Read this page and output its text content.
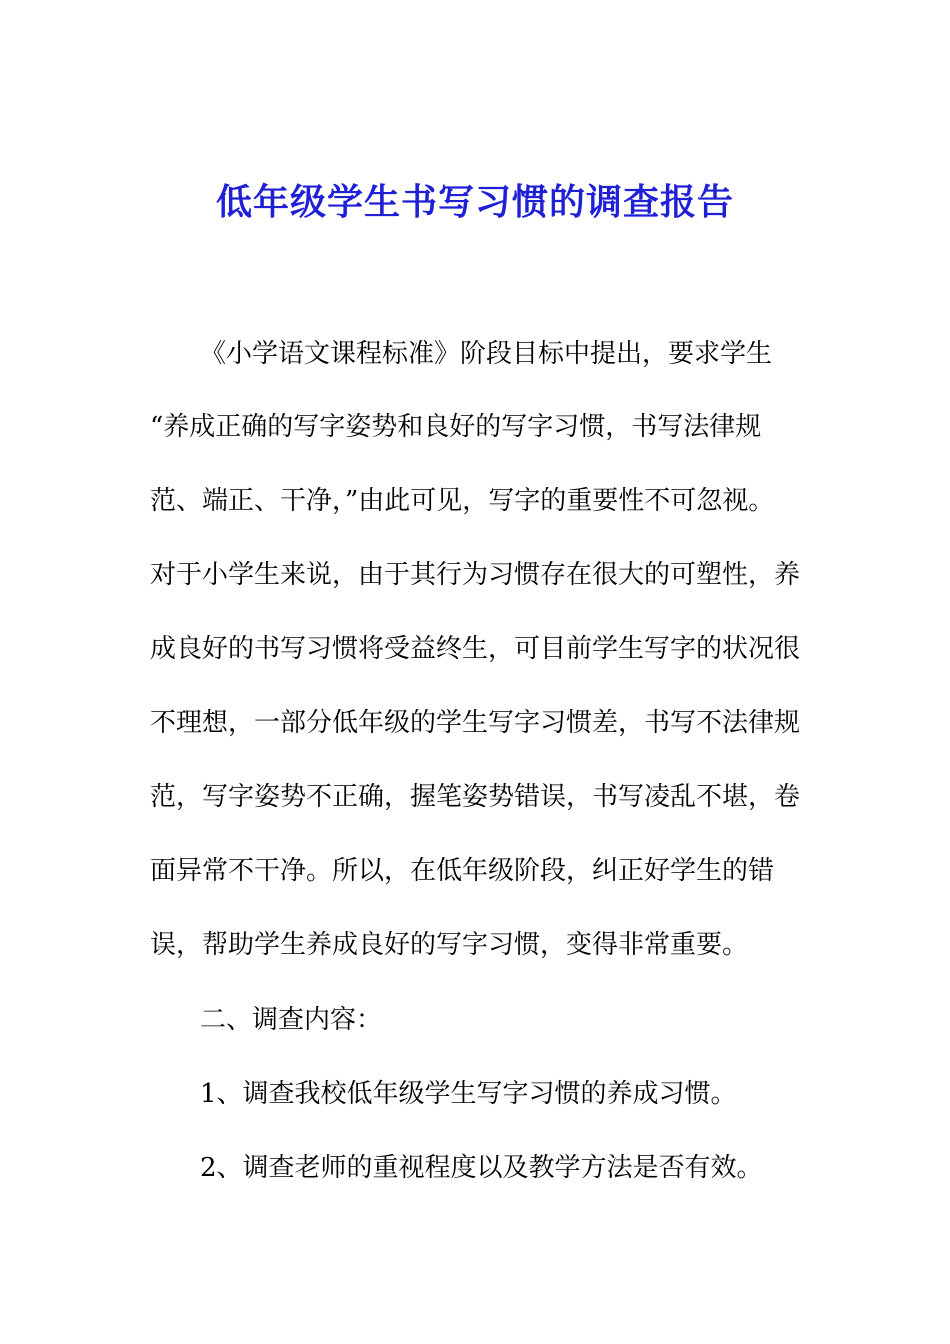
低年级学生书写习惯的调查报告

《小学语文课程标准》阶段目标中提出，要求学生

“养成正确的写字姿势和良好的写字习惯，书写法律规

范、端正、干净，”由此可见，写字的重要性不可忽视。

对于小学生来说，由于其行为习惯存在很大的可塑性，养

成良好的书写习惯将受益终生，可目前学生写字的状况很

不理想，一部分低年级的学生写字习惯差，书写不法律规

范，写字姿势不正确，握笔姿势错误，书写凌乱不堪，卷

面异常不干净。所以，在低年级阶段，纠正好学生的错

误，帮助学生养成良好的写字习惯，变得非常重要。

二、调查内容：

1、调查我校低年级学生写字习惯的养成习惯。

2、调查老师的重视程度以及教学方法是否有效。
